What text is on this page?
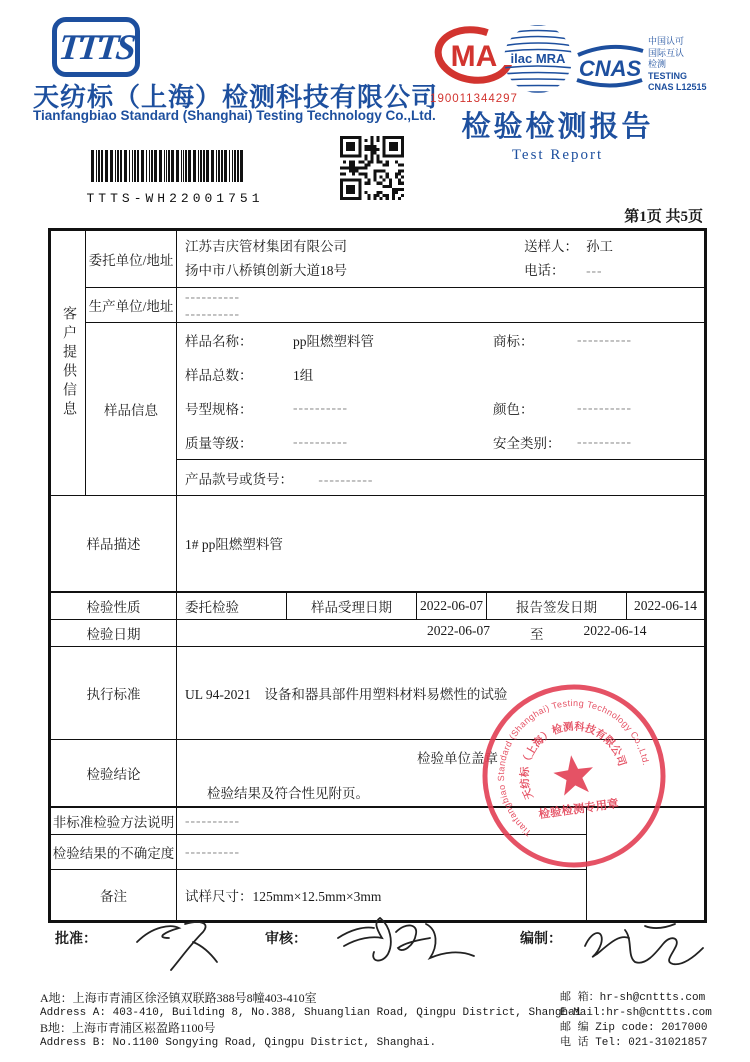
TTTS
天纺标（上海）检测科技有限公司
Tianfangbiao Standard (Shanghai) Testing Technology Co.,Ltd.
MA
190011344297
ilac MRA CNAS
中国认可
国际互认
检测
TESTING
CNAS L12515
检验检测报告
Test Report
TTTS-WH22001751
第1页 共5页
客户提供信息	委托单位/地址	江苏吉庆管材集团有限公司
扬中市八桥镇创新大道18号
送样人： 孙工
电话： ---					

	生产单位/地址	----------
----------					

样品信息	
样品名称：	pp阻燃塑料管	商标：	----------
样品总数：	1组
号型规格：	----------	颜色：	----------
质量等级：	----------	安全类别：	----------

		产品款号或货号： ----------					

样品描述		1# pp阻燃塑料管					
检验性质		委托检验	样品受理日期	2022-06-07	报告签发日期		2022-06-14
检验日期		2022-06-07 至 2022-06-14					

执行标准		UL 94-2021　设备和器具部件用塑料材料易燃性的试验					
检验结论		检验结果及符合性见附页。
检验单位盖章					

非标准检验方法说明		----------					
检验结果的不确定度		----------					
备注		试样尺寸：125mm×12.5mm×3mm					
Tianfangbiao Standard (Shanghai) Testing Technology Co.,Ltd.
天纺标（上海）检测科技有限公司
检验检测专用章
批准：	审核：	编制：
A地：上海市青浦区徐泾镇双联路388号8幢403-410室
Address A: 403-410, Building 8, No.388, Shuanglian Road, Qingpu District, Shanghai
B地：上海市青浦区崧盈路1100号
Address B: No.1100 Songying Road, Qingpu District, Shanghai.
邮 箱：hr-sh@cnttts.com
E-Mail:hr-sh@cnttts.com
邮 编 Zip code: 2017000
电 话 Tel: 021-31021857
